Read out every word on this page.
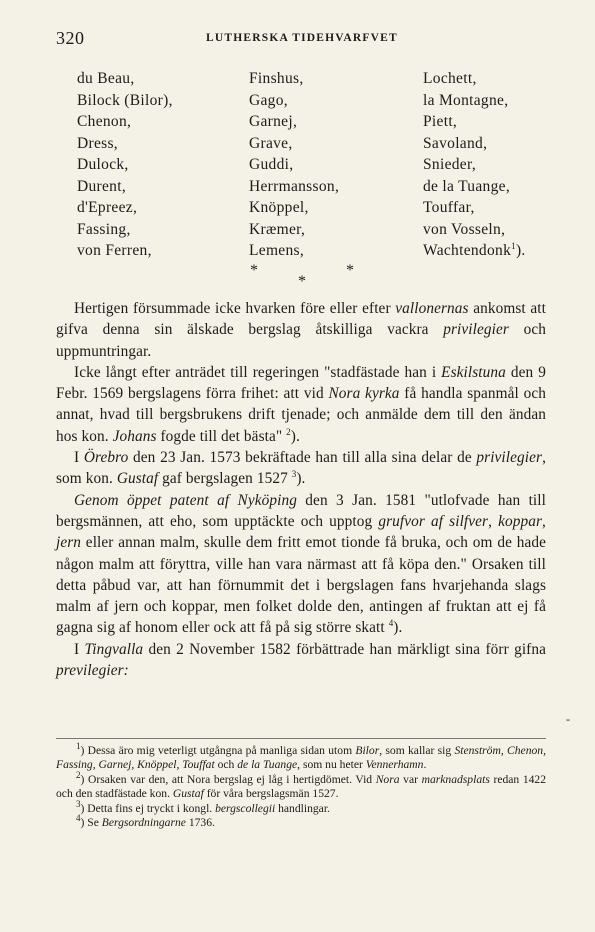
320	LUTHERSKA TIDEHVARFVET
du Beau,
Bilock (Bilor),
Chenon,
Dress,
Dulock,
Durent,
d'Epreez,
Fassing,
von Ferren,
Finshus,
Gago,
Garnej,
Grave,
Guddi,
Herrmansson,
Knöppel,
Kræmer,
Lemens,
Lochett,
la Montagne,
Piett,
Savoland,
Snieder,
de la Tuange,
Touffar,
von Vosseln,
Wachtendonk$^1$).
*	*
*

Hertigen försummade icke hvarken före eller efter vallonernas ankomst att gifva denna sin älskade bergslag åtskilliga vackra privilegier och uppmuntringar.

Icke långt efter anträdet till regeringen "stadfästade han i Eskilstuna den 9 Febr. 1569 bergslagens förra frihet: att vid Nora kyrka få handla spanmål och annat, hvad till bergsbrukens drift tjenade; och anmälde dem till den ändan hos kon. Johans fogde till det bästa" $^2$).

I Örebro den 23 Jan. 1573 bekräftade han till alla sina delar de privilegier, som kon. Gustaf gaf bergslagen 1527 $^3$).

Genom öppet patent af Nyköping den 3 Jan. 1581 "utlofvade han till bergsmännen, att eho, som upptäckte och upptog grufvor af silfver, koppar, jern eller annan malm, skulle dem fritt emot tionde få bruka, och om de hade någon malm att föryttra, ville han vara närmast att få köpa den." Orsaken till detta påbud var, att han förnummit det i bergslagen fans hvarjehanda slags malm af jern och koppar, men folket dolde den, antingen af fruktan att ej få gagna sig af honom eller ock att få på sig större skatt $^4$).

I Tingvalla den 2 November 1582 förbättrade han märkligt sina förr gifna previlegier:

-

$^1$) Dessa äro mig veterligt utgångna på manliga sidan utom Bilor, som kallar sig Stenström, Chenon, Fassing, Garnej, Knöppel, Touffat och de la Tuange, som nu heter Vennerhamn.

$^2$) Orsaken var den, att Nora bergslag ej låg i hertigdömet. Vid Nora var marknadsplats redan 1422 och den stadfästade kon. Gustaf för våra bergslagsmän 1527.

$^3$) Detta fins ej tryckt i kongl. bergscollegii handlingar.

$^4$) Se Bergsordningarne 1736.
